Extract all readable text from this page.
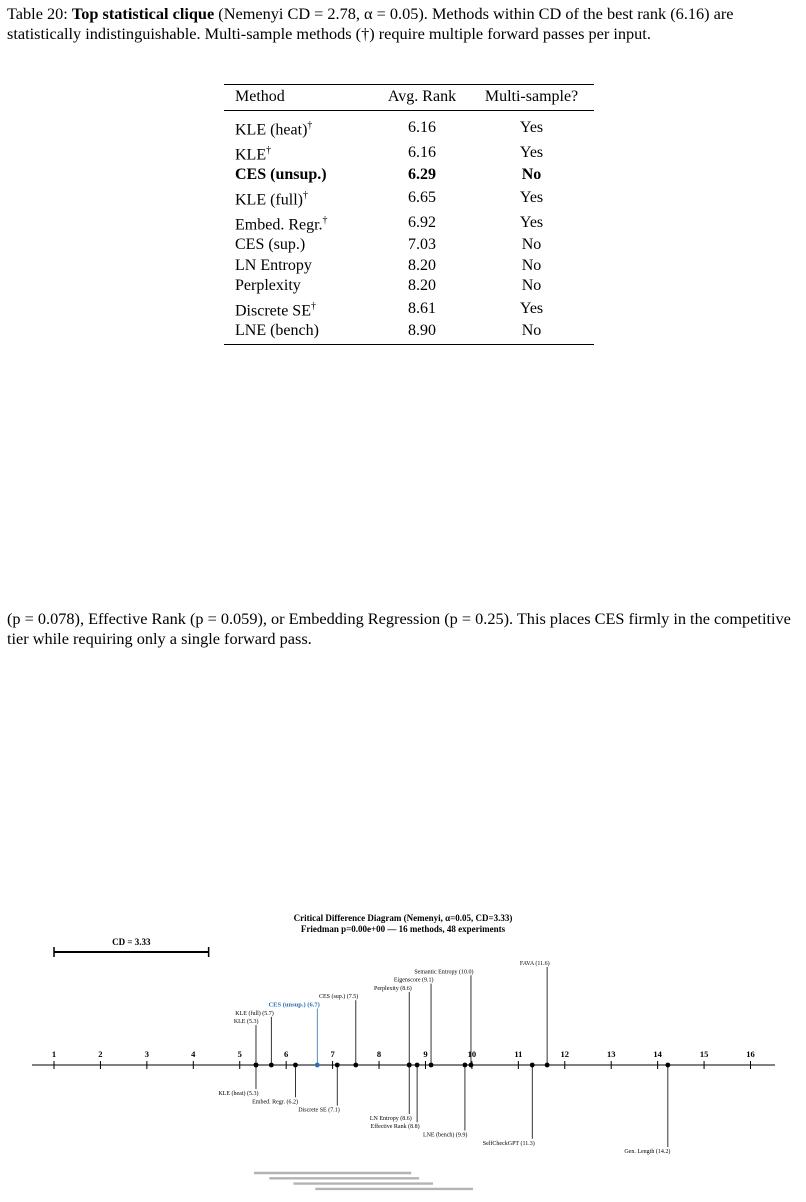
Table 20: Top statistical clique (Nemenyi CD = 2.78, α = 0.05). Methods within CD of the best rank (6.16) are statistically indistinguishable. Multi-sample methods (†) require multiple forward passes per input.
Method	Avg. Rank	Multi-sample?
KLE (heat)†	6.16	Yes
KLE†	6.16	Yes
CES (unsup.)	6.29	No
KLE (full)†	6.65	Yes
Embed. Regr.†	6.92	Yes
CES (sup.)	7.03	No
LN Entropy	8.20	No
Perplexity	8.20	No
Discrete SE†	8.61	Yes
LNE (bench)	8.90	No
(p = 0.078), Effective Rank (p = 0.059), or Embedding Regression (p = 0.25). This places CES firmly in the competitive tier while requiring only a single forward pass.
Critical Difference Diagram (Nemenyi, α=0.05, CD=3.33)
Friedman p=0.00e+00 — 16 methods, 48 experiments
CD = 3.33
1	2	3	4	5	6	7	8	9	10	11	12	13	14	15	16
KLE (heat) (5.3)
KLE (5.3)
KLE (full) (5.7)
Embed. Regr. (6.2)
CES (unsup.) (6.7)
Discrete SE (7.1)
CES (sup.) (7.5)
Perplexity (8.6)
LN Entropy (8.6)
Effective Rank (8.8)
Eigenscore (9.1)
LNE (bench) (9.9)
Semantic Entropy (10.0)
SelfCheckGPT (11.3)
FAVA (11.6)
Gen. Length (14.2)
